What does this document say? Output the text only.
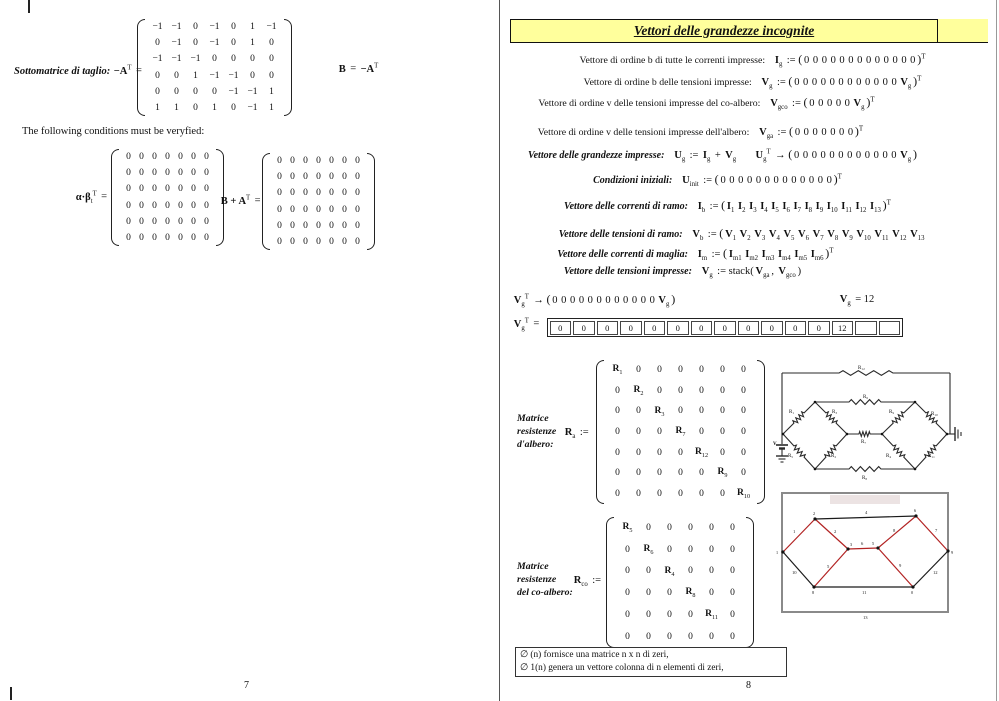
Sottomatrice di taglio: $-A^T$ =
−1 −1 0 −1 0 1 −1
0 −1 0 −1 0 1 0
−1 −1 −1 0 0 0 0
0 0 1 −1 −1 0 0
0 0 0 0 −1 −1 1
1 1 0 1 0 −1 1
$B = -A^T$
The following conditions must be veryfied:
$\alpha\cdot\beta_t^T$ =
0 0 0 0 0 0 0
0 0 0 0 0 0 0
0 0 0 0 0 0 0
0 0 0 0 0 0 0
0 0 0 0 0 0 0
0 0 0 0 0 0 0
$B + A^T$ =
0 0 0 0 0 0 0
0 0 0 0 0 0 0
0 0 0 0 0 0 0
0 0 0 0 0 0 0
0 0 0 0 0 0 0
0 0 0 0 0 0 0
7
Vettori delle grandezze incognite
Vettore di ordine b di tutte le correnti impresse: $I_g$ := ( 0 0 0 0 0 0 0 0 0 0 0 0 0 )$^T$
Vettore di ordine b delle tensioni impresse: $V_g$ := ( 0 0 0 0 0 0 0 0 0 0 0 0 $V_g$ )$^T$
Vettore di ordine v delle tensioni impresse del co-albero: $V_{gco}$ := ( 0 0 0 0 0 $V_g$ )$^T$
Vettore di ordine v delle tensioni impresse dell'albero: $V_{ga}$ := ( 0 0 0 0 0 0 0 )$^T$
Vettore delle grandezze impresse: $U_g$ := $I_g + V_g$ $U_g^T$ → ( 0 0 0 0 0 0 0 0 0 0 0 0 $V_g$ )
Condizioni iniziali: $U_{init}$ := ( 0 0 0 0 0 0 0 0 0 0 0 0 0 )$^T$
Vettore delle correnti di ramo: $I_b$ := ( $I_1$ $I_2$ $I_3$ $I_4$ $I_5$ $I_6$ $I_7$ $I_8$ $I_9$ $I_{10}$ $I_{11}$ $I_{12}$ $I_{13}$ )$^T$
Vettore delle tensioni di ramo: $V_b$ := ( $V_1$ $V_2$ $V_3$ $V_4$ $V_5$ $V_6$ $V_7$ $V_8$ $V_9$ $V_{10}$ $V_{11}$ $V_{12}$ $V_{13}$
Vettore delle correnti di maglia: $I_m$ := ( $I_{m1}$ $I_{m2}$ $I_{m3}$ $I_{m4}$ $I_{m5}$ $I_{m6}$ )$^T$
Vettore delle tensioni impresse: $V_g$ := stack( $V_{ga}$ , $V_{gco}$ )
$V_g^T$ → ( 0 0 0 0 0 0 0 0 0 0 0 0 $V_g$ )	$V_g = 12$
$V_g^T$ =	0	0	0	0	0	0	0	0	0	0	0	0	12
Matrice
resistenze
d'albero:
$R_a$ :=
$R_1$ 0 0 0 0 0 0
0 $R_2$ 0 0 0 0 0
0 0 $R_3$ 0 0 0 0
0 0 0 $R_7$ 0 0 0
0 0 0 0 $R_{12}$ 0 0
0 0 0 0 0 $R_9$ 0
0 0 0 0 0 0 $R_{10}$
R₁₂
R₆
R₇
R₈
R₁	R₃
R₅	R₂
R₉	R₁₀
R₄	R₁₁
V
Matrice
resistenze
del co-albero:
$R_{co}$ :=
$R_5$ 0 0 0 0 0
0 $R_6$ 0 0 0 0
0 0 $R_4$ 0 0 0
0 0 0 $R_8$ 0 0
0 0 0 0 $R_{11}$ 0
0 0 0 0 0 0
1	2
4
5
6
8
9
7
10
11
12
1
2
3	5
6
9
8	0
13
∅ (n) fornisce una matrice n x n di zeri,
∅ 1(n) genera un vettore colonna di n elementi di zeri,
8
